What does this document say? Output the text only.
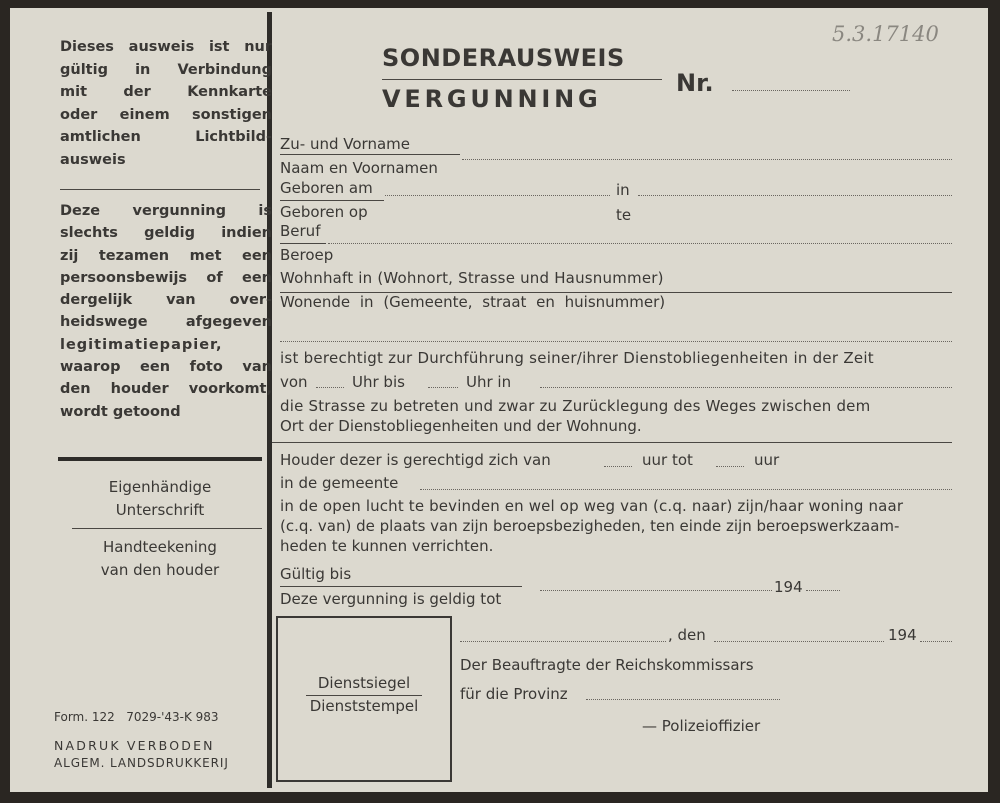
5.3.17140
Dieses ausweis ist nur
gültig in Verbindung
mit der Kennkarte
oder einem sonstigen
amtlichen Lichtbild-
ausweis
Deze vergunning is
slechts geldig indien
zij tezamen met een
persoonsbewijs of een
dergelijk van over-
heidswege afgegeven
legitimatiepapier,
waarop een foto van
den houder voorkomt,
wordt getoond
Eigenhändige
Unterschrift
Handteekening
van den houder
Form. 122   7029-'43-K 983
NADRUK VERBODEN
ALGEM. LANDSDRUKKERIJ
SONDERAUSWEIS
VERGUNNING
Nr.
Zu- und Vorname
Naam en Voornamen
Geboren am	in
Geboren op	te
Beruf
Beroep
Wohnhaft in (Wohnort, Strasse und Hausnummer)
Wonende in (Gemeente, straat en huisnummer)
ist berechtigt zur Durchführung seiner/ihrer Dienstobliegenheiten in der Zeit
von	Uhr bis	Uhr in
die Strasse zu betreten und zwar zu Zurücklegung des Weges zwischen dem
Ort der Dienstobliegenheiten und der Wohnung.
Houder dezer is gerechtigd zich van	uur tot	uur
in de gemeente
in de open lucht te bevinden en wel op weg van (c.q. naar) zijn/haar woning naar
(c.q. van) de plaats van zijn beroepsbezigheden, ten einde zijn beroepswerkzaam-
heden te kunnen verrichten.
Gültig bis
Deze vergunning is geldig tot
194
Dienstsiegel
Dienststempel
, den	194
Der Beauftragte der Reichskommissars
für die Provinz
— Polizeioffizier
